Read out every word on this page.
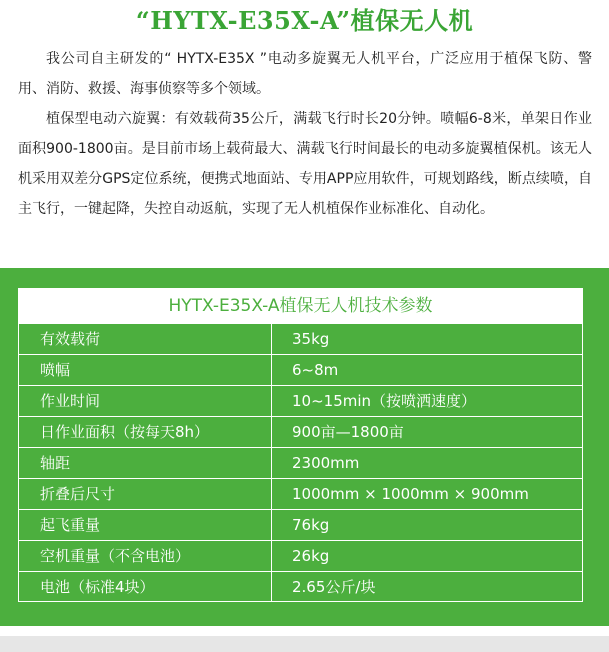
“HYTX-E35X-A”植保无人机

我公司自主研发的“ HYTX-E35X ”电动多旋翼无人机平台，广泛应用于植保飞防、警用、消防、救援、海事侦察等多个领域。

植保型电动六旋翼：有效载荷35公斤，满载飞行时长20分钟。喷幅6-8米，单架日作业面积900-1800亩。是目前市场上载荷最大、满载飞行时间最长的电动多旋翼植保机。该无人机采用双差分GPS定位系统，便携式地面站、专用APP应用软件，可规划路线，断点续喷，自主飞行，一键起降，失控自动返航，实现了无人机植保作业标准化、自动化。

HYTX-E35X-A植保无人机技术参数
有效载荷	35kg
喷幅	6~8m
作业时间	10~15min（按喷洒速度）
日作业面积（按每天8h）	900亩—1800亩
轴距	2300mm
折叠后尺寸	1000mm × 1000mm × 900mm
起飞重量	76kg
空机重量（不含电池）	26kg
电池（标准4块）	2.65公斤/块
